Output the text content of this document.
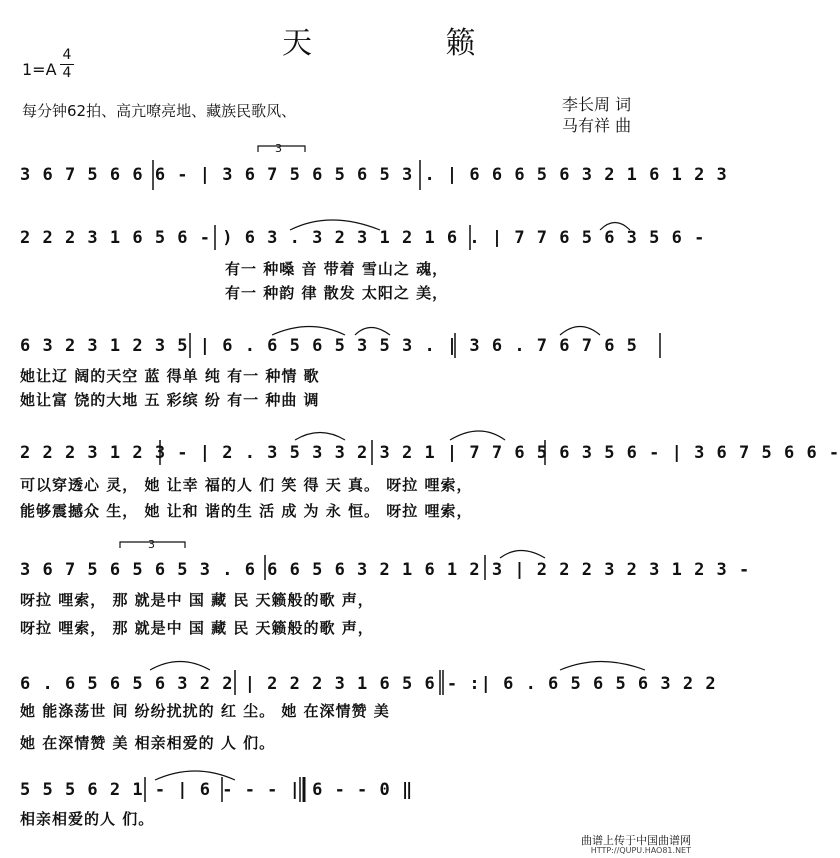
天 籁
1=A
4
4
每分钟62拍、高亢嘹亮地、藏族民歌风、	李长周 词
马有祥 曲
3 6 7 5 6 6 6 - | 3 6 7 5 6 5 6 5 3 . | 6 6 6 5 6 3 2 1 6 1 2 3
2 2 2 3 1 6 5 6 - ) 6 3 . 3 2 3 1 2 1 6 . | 7 7 6 5 6 3 5 6 -
有一 种嗓 音 带着 雪山之 魂，
有一 种韵 律 散发 太阳之 美，
6 3 2 3 1 2 3 5 | 6 . 6 5 6 5 3 5 3 . | 3 6 . 7 6 7 6 5
她让辽 阔的天空 蓝 得单 纯 有一 种情 歌
她让富 饶的大地 五 彩缤 纷 有一 种曲 调
2 2 2 3 1 2 3 - | 2 . 3 5 3 3 2 3 2 1 | 7 7 6 5 6 3 5 6 - | 3 6 7 5 6 6 -
可以穿透心 灵， 她 让幸 福的人 们 笑 得 天 真。 呀拉 哩索，
能够震撼众 生， 她 让和 谐的生 活 成 为 永 恒。 呀拉 哩索，
3 6 7 5 6 5 6 5 3 . 6 6 6 5 6 3 2 1 6 1 2 3 | 2 2 2 3 2 3 1 2 3 -
呀拉 哩索， 那 就是中 国 藏 民 天籁般的歌 声，
呀拉 哩索， 那 就是中 国 藏 民 天籁般的歌 声，
6 . 6 5 6 5 6 3 2 2 | 2 2 2 3 1 6 5 6 - :| 6 . 6 5 6 5 6 3 2 2
她 能涤荡世 间 纷纷扰扰的 红 尘。 她 在深情赞 美
她 在深情赞 美 相亲相爱的 人 们。
5 5 5 6 2 1 - | 6 - - - | 6 - - 0 ‖
相亲相爱的人 们。
3
3
曲谱上传于中国曲谱网
HTTP://QUPU.HAO81.NET
